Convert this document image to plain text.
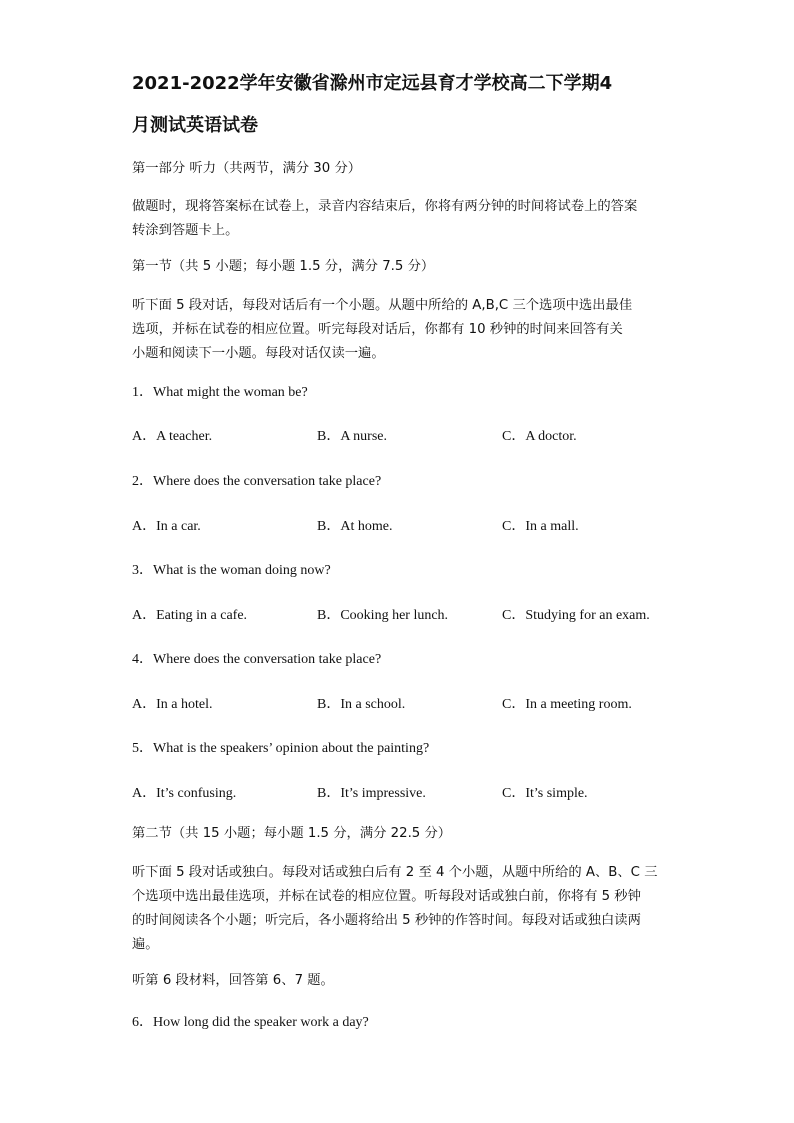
2021-2022学年安徽省滁州市定远县育才学校高二下学期4
月测试英语试卷
第一部分 听力（共两节，满分 30 分）
做题时，现将答案标在试卷上，录音内容结束后，你将有两分钟的时间将试卷上的答案
转涂到答题卡上。
第一节（共 5 小题；每小题 1.5 分，满分 7.5 分）
听下面 5 段对话，每段对话后有一个小题。从题中所给的 A,B,C 三个选项中选出最佳
选项，并标在试卷的相应位置。听完每段对话后，你都有 10 秒钟的时间来回答有关
小题和阅读下一小题。每段对话仅读一遍。
1．What might the woman be?
A．A teacher.	B．A nurse.	C．A doctor.
2．Where does the conversation take place?
A．In a car.	B．At home.	C．In a mall.
3．What is the woman doing now?
A．Eating in a cafe.	B．Cooking her lunch.	C．Studying for an exam.
4．Where does the conversation take place?
A．In a hotel.	B．In a school.	C．In a meeting room.
5．What is the speakers’ opinion about the painting?
A．It’s confusing.	B．It’s impressive.	C．It’s simple.
第二节（共 15 小题；每小题 1.5 分，满分 22.5 分）
听下面 5 段对话或独白。每段对话或独白后有 2 至 4 个小题，从题中所给的 A、B、C 三
个选项中选出最佳选项，并标在试卷的相应位置。听每段对话或独白前，你将有 5 秒钟
的时间阅读各个小题；听完后，各小题将给出 5 秒钟的作答时间。每段对话或独白读两
遍。
听第 6 段材料，回答第 6、7 题。
6．How long did the speaker work a day?
